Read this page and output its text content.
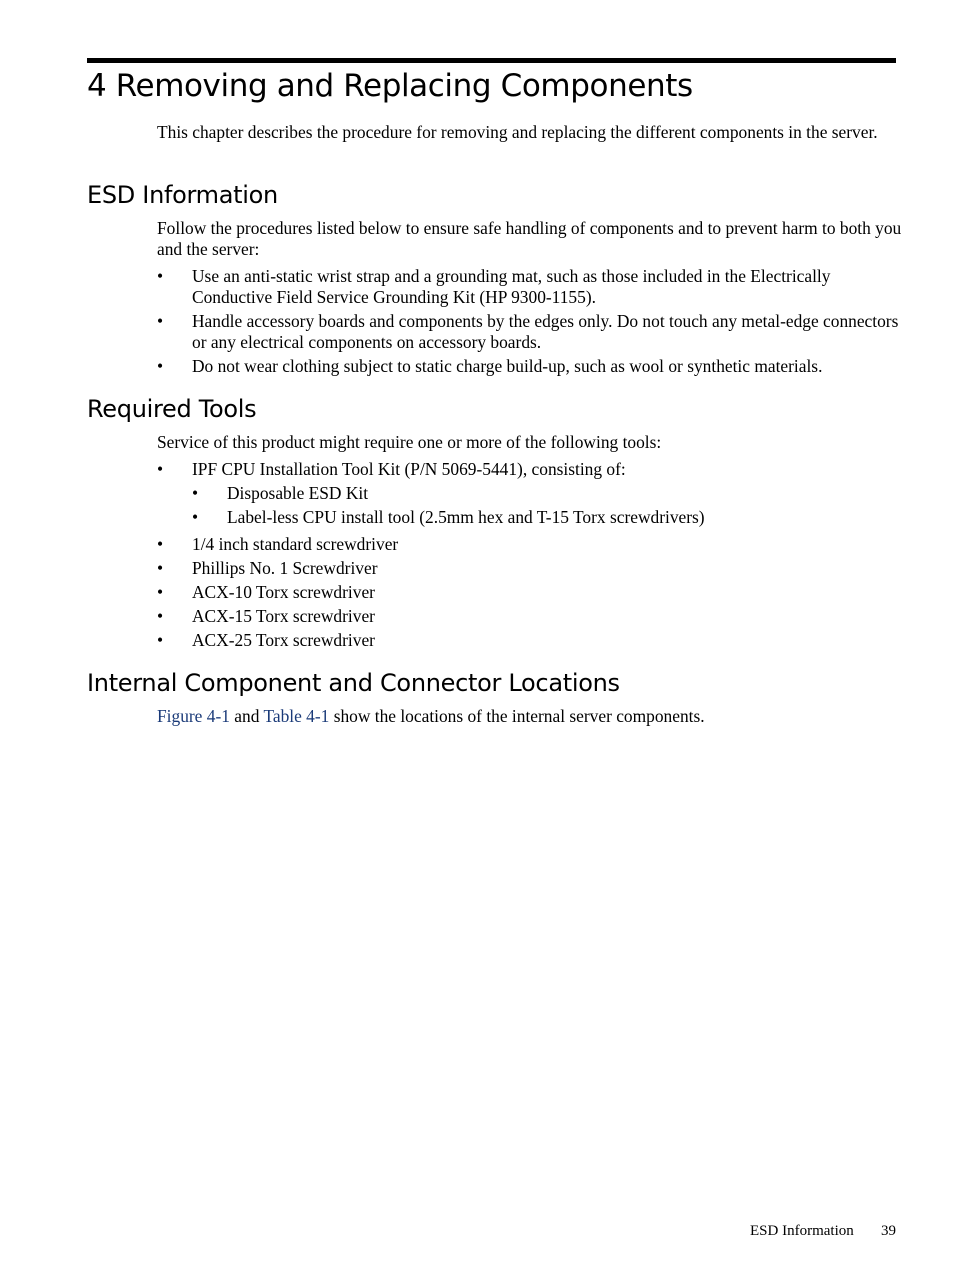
4 Removing and Replacing Components

This chapter describes the procedure for removing and replacing the different components in the server.

ESD Information

Follow the procedures listed below to ensure safe handling of components and to prevent harm to both you and the server:

• Use an anti-static wrist strap and a grounding mat, such as those included in the Electrically Conductive Field Service Grounding Kit (HP 9300-1155).
• Handle accessory boards and components by the edges only. Do not touch any metal-edge connectors or any electrical components on accessory boards.
• Do not wear clothing subject to static charge build-up, such as wool or synthetic materials.
Required Tools

Service of this product might require one or more of the following tools:

• IPF CPU Installation Tool Kit (P/N 5069-5441), consisting of:
• Disposable ESD Kit
• Label-less CPU install tool (2.5mm hex and T-15 Torx screwdrivers)
• 1/4 inch standard screwdriver
• Phillips No. 1 Screwdriver
• ACX-10 Torx screwdriver
• ACX-15 Torx screwdriver
• ACX-25 Torx screwdriver
Internal Component and Connector Locations

Figure 4-1 and Table 4-1 show the locations of the internal server components.

ESD Information 39
